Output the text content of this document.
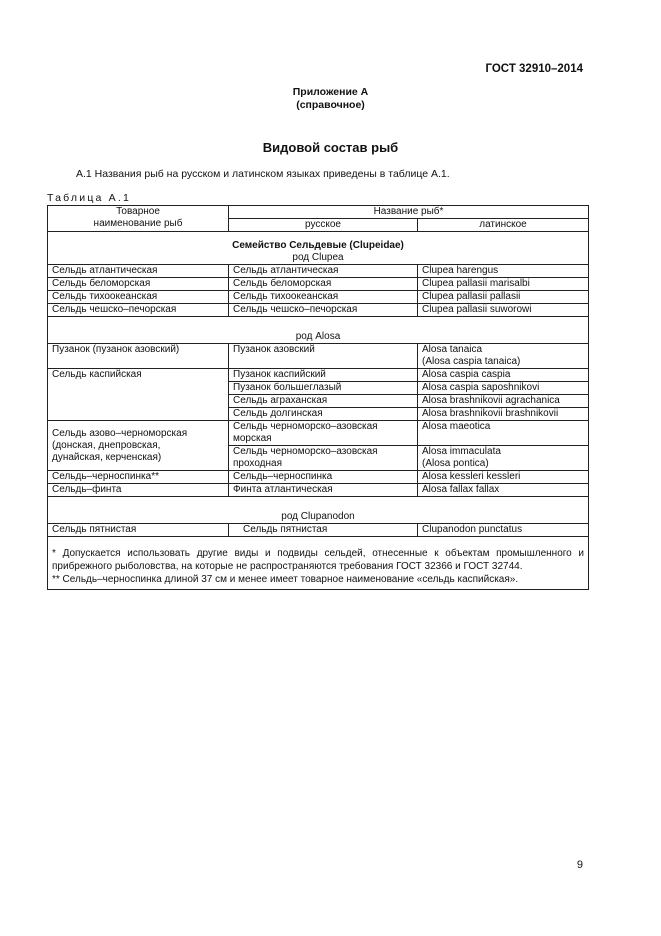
ГОСТ 32910–2014
Приложение А
(справочное)
Видовой состав рыб
А.1 Названия рыб на русском и латинском языках приведены в таблице А.1.
Таблица А.1
Товарное
наименование рыб	Название рыб*	
	русское	латинское

Семейство Сельдевые (Clupeidae)
род Clupea		
Сельдь атлантическая	Сельдь атлантическая	Clupea harengus
Сельдь беломорская	Сельдь беломорская	Clupea pallasii marisalbi
Сельдь тихоокеанская	Сельдь тихоокеанская	Clupea pallasii pallasii
Сельдь чешско–печорская	Сельдь чешско–печорская	Clupea pallasii suworowi
род Alosa		
Пузанок (пузанок азовский)	Пузанок азовский	Alosa tanaica
(Alosa caspia tanaica)
Сельдь каспийская	Пузанок каспийский	Alosa caspia caspia
	Пузанок большеглазый	Alosa caspia saposhnikovi
	Сельдь аграханская	Alosa brashnikovii agrachanica
	Сельдь долгинская	Alosa brashnikovii brashnikovii
Сельдь азово–черноморская
(донская, днепровская,
дунайская, керченская)	Сельдь черноморско–азовская
морская	Alosa maeotica
	Сельдь черноморско–азовская
проходная	Alosa immaculata
(Alosa pontica)
Сельдь–черноспинка**	Сельдь–черноспинка	Alosa kessleri kessleri
Сельдь–финта	Финта атлантическая	Alosa fallax fallax
род Clupanodon		
Сельдь пятнистая	Сельдь пятнистая	Clupanodon punctatus

* Допускается использовать другие виды и подвиды сельдей, отнесенные к объектам промышленного и прибрежного рыболовства, на которые не распространяются требования ГОСТ 32366 и ГОСТ 32744.
** Сельдь–черноспинка длиной 37 см и менее имеет товарное наименование «сельдь каспийская».		
9
